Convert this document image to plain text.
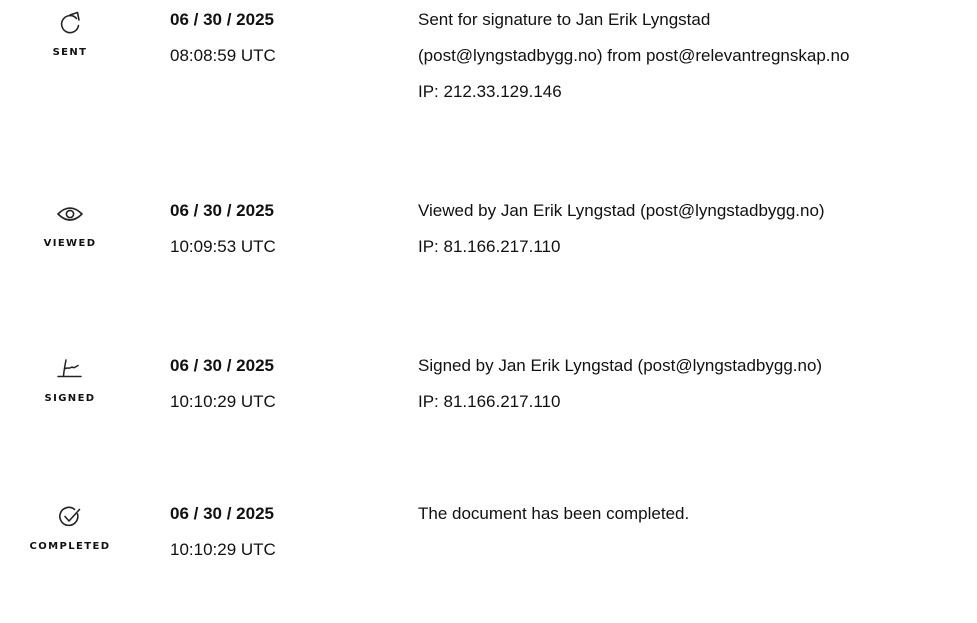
SENT
06 / 30 / 2025
08:08:59 UTC
Sent for signature to Jan Erik Lyngstad
(post@lyngstadbygg.no) from post@relevantregnskap.no
IP: 212.33.129.146
VIEWED
06 / 30 / 2025
10:09:53 UTC
Viewed by Jan Erik Lyngstad (post@lyngstadbygg.no)
IP: 81.166.217.110
SIGNED
06 / 30 / 2025
10:10:29 UTC
Signed by Jan Erik Lyngstad (post@lyngstadbygg.no)
IP: 81.166.217.110
COMPLETED
06 / 30 / 2025
10:10:29 UTC
The document has been completed.
